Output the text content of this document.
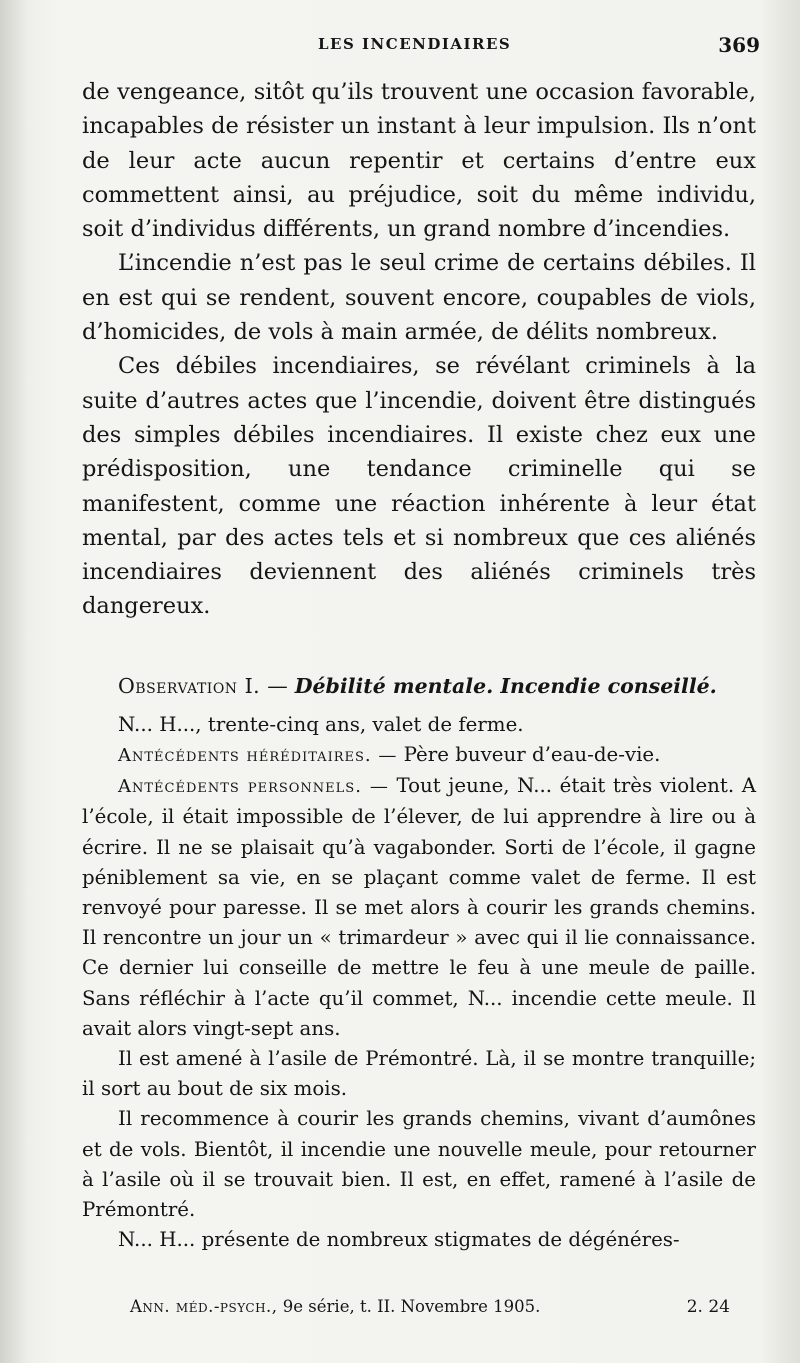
LES INCENDIAIRES	369

de vengeance, sitôt qu’ils trouvent une occasion favorable, incapables de résister un instant à leur impulsion. Ils n’ont de leur acte aucun repentir et certains d’entre eux commettent ainsi, au préjudice, soit du même individu, soit d’individus différents, un grand nombre d’incendies.

L’incendie n’est pas le seul crime de certains débiles. Il en est qui se rendent, souvent encore, coupables de viols, d’homicides, de vols à main armée, de délits nombreux.

Ces débiles incendiaires, se révélant criminels à la suite d’autres actes que l’incendie, doivent être distingués des simples débiles incendiaires. Il existe chez eux une prédisposition, une tendance criminelle qui se manifestent, comme une réaction inhérente à leur état mental, par des actes tels et si nombreux que ces aliénés incendiaires deviennent des aliénés criminels très dangereux.

Observation I. — Débilité mentale. Incendie conseillé.

N... H..., trente-cinq ans, valet de ferme.

Antécédents héréditaires. — Père buveur d’eau-de-vie.

Antécédents personnels. — Tout jeune, N... était très violent. A l’école, il était impossible de l’élever, de lui apprendre à lire ou à écrire. Il ne se plaisait qu’à vagabonder. Sorti de l’école, il gagne péniblement sa vie, en se plaçant comme valet de ferme. Il est renvoyé pour paresse. Il se met alors à courir les grands chemins. Il rencontre un jour un « trimardeur » avec qui il lie connaissance. Ce dernier lui conseille de mettre le feu à une meule de paille. Sans réfléchir à l’acte qu’il commet, N... incendie cette meule. Il avait alors vingt-sept ans.

Il est amené à l’asile de Prémontré. Là, il se montre tranquille; il sort au bout de six mois.

Il recommence à courir les grands chemins, vivant d’aumônes et de vols. Bientôt, il incendie une nouvelle meule, pour retourner à l’asile où il se trouvait bien. Il est, en effet, ramené à l’asile de Prémontré.

N... H... présente de nombreux stigmates de dégénéres-

Ann. méd.-psych., 9e série, t. II. Novembre 1905.	2. 24
